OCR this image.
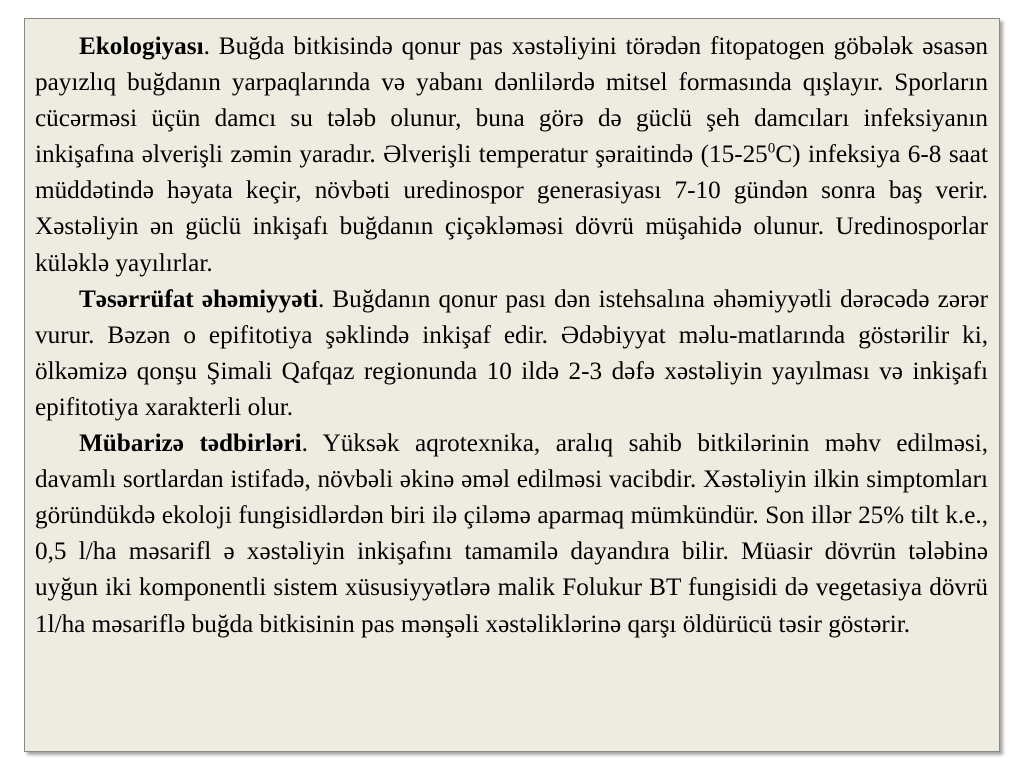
Ekologiyası. Buğda bitkisində qonur pas xəstəliyini törədən fitopatogen göbələk əsasən payızlıq buğdanın yarpaqlarında və yabanı dənlilərdə mitsel formasında qışlayır. Sporların cücərməsi üçün damcı su tələb olunur, buna görə də güclü şeh damcıları infeksiyanın inkişafına əlverişli zəmin yaradır. Əlverişli temperatur şəraitində $(15-25^0C)$ infeksiya 6-8 saat müddətində həyata keçir, növbəti uredinospor generasiyası 7-10 gündən sonra baş verir. Xəstəliyin ən güclü inkişafı buğdanın çiçəkləməsi dövrü müşahidə olunur. Uredinosporlar küləklə yayılırlar.

Təsərrüfat əhəmiyyəti. Buğdanın qonur pası dən istehsalına əhəmiyyətli dərəcədə zərər vurur. Bəzən o epifitotiya şəklində inkişaf edir. Ədəbiyyat məlu-matlarında göstərilir ki, ölkəmizə qonşu Şimali Qafqaz regionunda 10 ildə 2-3 dəfə xəstəliyin yayılması və inkişafı epifitotiya xarakterli olur.

Mübarizə tədbirləri. Yüksək aqrotexnika, aralıq sahib bitkilərinin məhv edilməsi, davamlı sortlardan istifadə, növbəli əkinə əməl edilməsi vacibdir. Xəstəliyin ilkin simptomları göründükdə ekoloji fungisidlərdən biri ilə çiləmə aparmaq mümkündür. Son illər 25% tilt k.e., 0,5 l/ha məsarifl ə xəstəliyin inkişafını tamamilə dayandıra bilir. Müasir dövrün tələbinə uyğun iki komponentli sistem xüsusiyyətlərə malik Folukur BT fungisidi də vegetasiya dövrü 1l/ha məsariflə buğda bitkisinin pas mənşəli xəstəliklərinə qarşı öldürücü təsir göstərir.
